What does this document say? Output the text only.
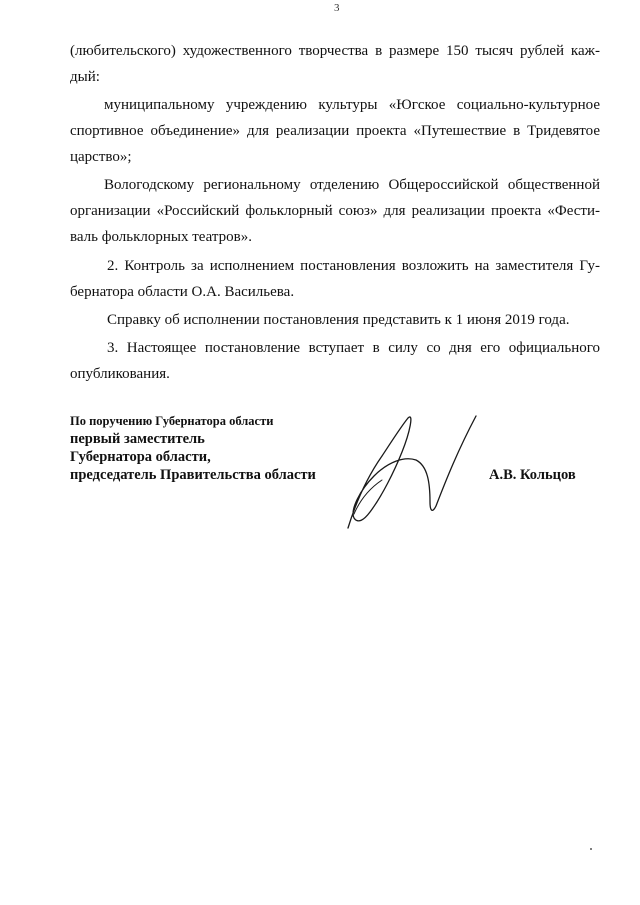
3
(любительского) художественного творчества в размере 150 тысяч рублей каж-
дый:
муниципальному учреждению культуры «Югское социально-культурное
спортивное объединение» для реализации проекта «Путешествие в Тридевятое
царство»;
Вологодскому региональному отделению Общероссийской общественной
организации «Российский фольклорный союз» для реализации проекта «Фести-
валь фольклорных театров».
2. Контроль за исполнением постановления возложить на заместителя Гу-
бернатора области О.А. Васильева.
Справку об исполнении постановления представить к 1 июня 2019 года.
3. Настоящее постановление вступает в силу со дня его официального
опубликования.
По поручению Губернатора области
первый заместитель
Губернатора области,
председатель Правительства области	А.В. Кольцов
